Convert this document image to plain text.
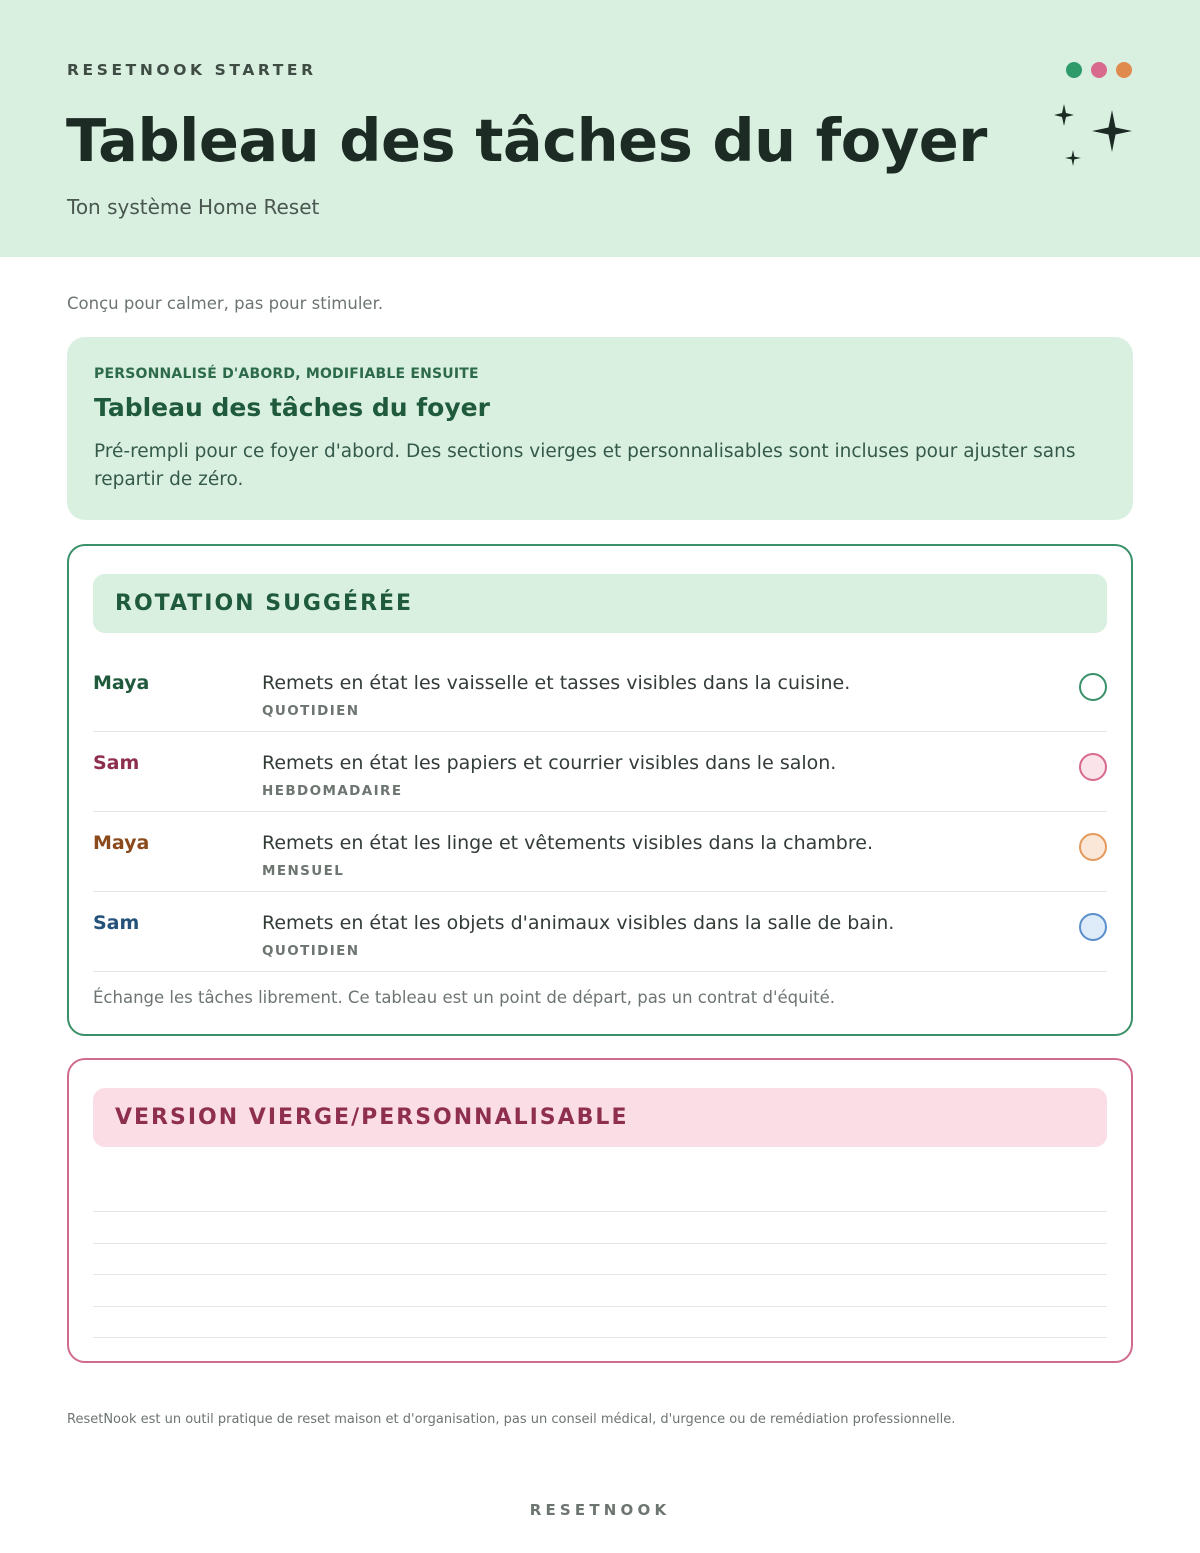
RESETNOOK STARTER
Tableau des tâches du foyer
Ton système Home Reset
Conçu pour calmer, pas pour stimuler.
PERSONNALISÉ D'ABORD, MODIFIABLE ENSUITE
Tableau des tâches du foyer
Pré-rempli pour ce foyer d'abord. Des sections vierges et personnalisables sont incluses pour ajuster sans repartir de zéro.
ROTATION SUGGÉRÉE
Maya	Remets en état les vaisselle et tasses visibles dans la cuisine.
QUOTIDIEN
Sam	Remets en état les papiers et courrier visibles dans le salon.
HEBDOMADAIRE
Maya	Remets en état les linge et vêtements visibles dans la chambre.
MENSUEL
Sam	Remets en état les objets d'animaux visibles dans la salle de bain.
QUOTIDIEN
Échange les tâches librement. Ce tableau est un point de départ, pas un contrat d'équité.
VERSION VIERGE/PERSONNALISABLE
ResetNook est un outil pratique de reset maison et d'organisation, pas un conseil médical, d'urgence ou de remédiation professionnelle.
RESETNOOK
